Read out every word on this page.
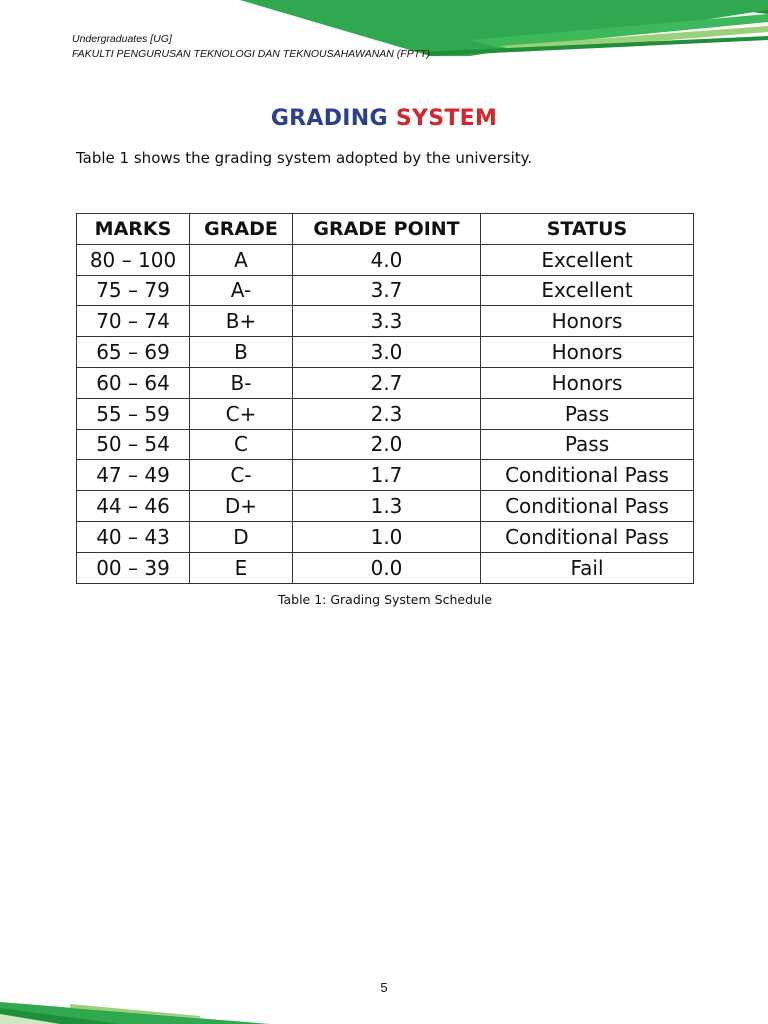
Undergraduates [UG]
FAKULTI PENGURUSAN TEKNOLOGI DAN TEKNOUSAHAWANAN (FPTT)
GRADING SYSTEM
Table 1 shows the grading system adopted by the university.
MARKS	GRADE	GRADE POINT	STATUS
80 – 100	A	4.0	Excellent
75 – 79	A-	3.7	Excellent
70 – 74	B+	3.3	Honors
65 – 69	B	3.0	Honors
60 – 64	B-	2.7	Honors
55 – 59	C+	2.3	Pass
50 – 54	C	2.0	Pass
47 – 49	C-	1.7	Conditional Pass
44 – 46	D+	1.3	Conditional Pass
40 – 43	D	1.0	Conditional Pass
00 – 39	E	0.0	Fail
Table 1: Grading System Schedule
5
